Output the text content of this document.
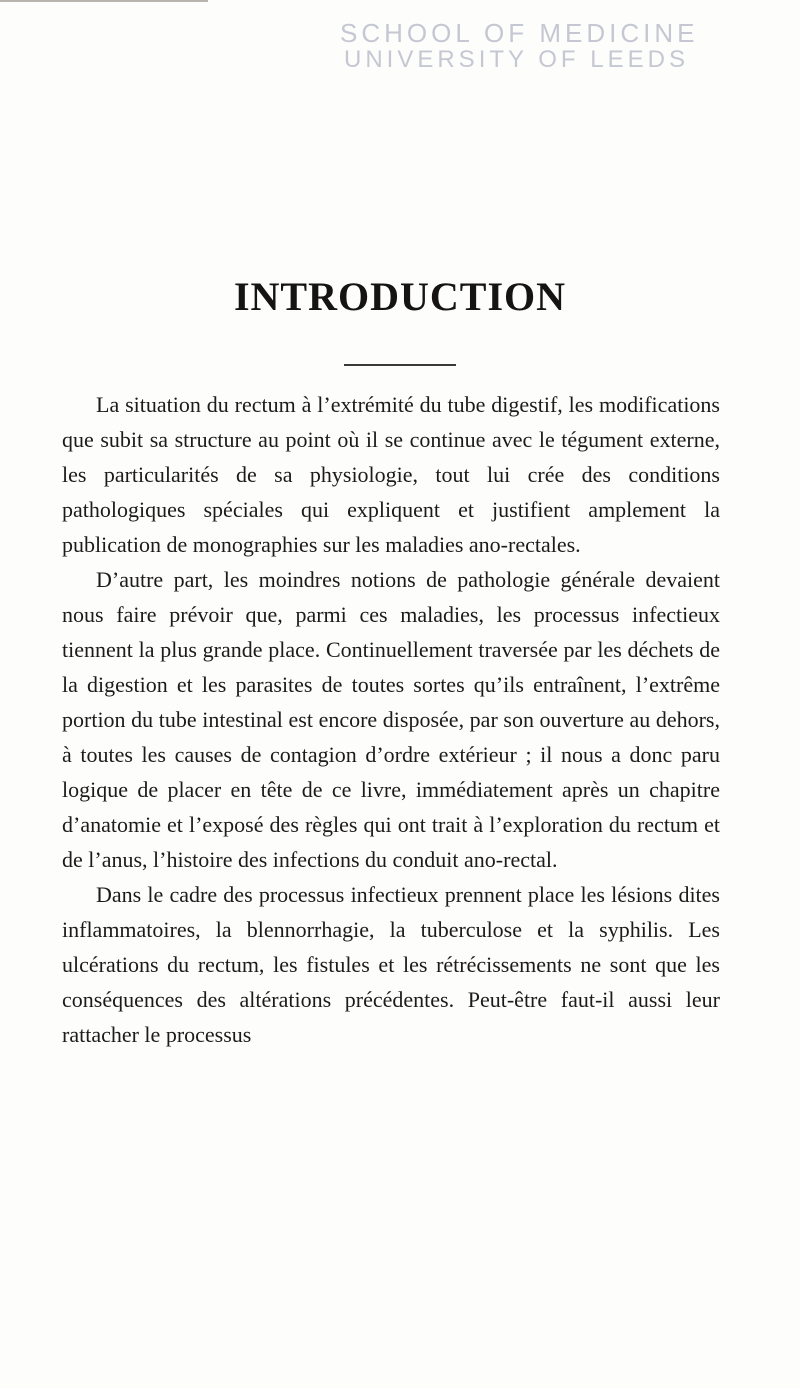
SCHOOL OF MEDICINE
UNIVERSITY OF LEEDS
INTRODUCTION

La situation du rectum à l’extrémité du tube digestif, les modifications que subit sa structure au point où il se continue avec le tégument externe, les particularités de sa physiologie, tout lui crée des conditions pathologiques spéciales qui expliquent et justifient amplement la publication de monographies sur les maladies ano-rectales.

D’autre part, les moindres notions de pathologie générale devaient nous faire prévoir que, parmi ces maladies, les processus infectieux tiennent la plus grande place. Continuellement traversée par les déchets de la digestion et les parasites de toutes sortes qu’ils entraînent, l’extrême portion du tube intestinal est encore disposée, par son ouverture au dehors, à toutes les causes de contagion d’ordre extérieur ; il nous a donc paru logique de placer en tête de ce livre, immédiatement après un chapitre d’anatomie et l’exposé des règles qui ont trait à l’exploration du rectum et de l’anus, l’histoire des infections du conduit ano-rectal.

Dans le cadre des processus infectieux prennent place les lésions dites inflammatoires, la blennorrhagie, la tuberculose et la syphilis. Les ulcérations du rectum, les fistules et les rétrécissements ne sont que les conséquences des altérations précédentes. Peut-être faut-il aussi leur rattacher le processus
